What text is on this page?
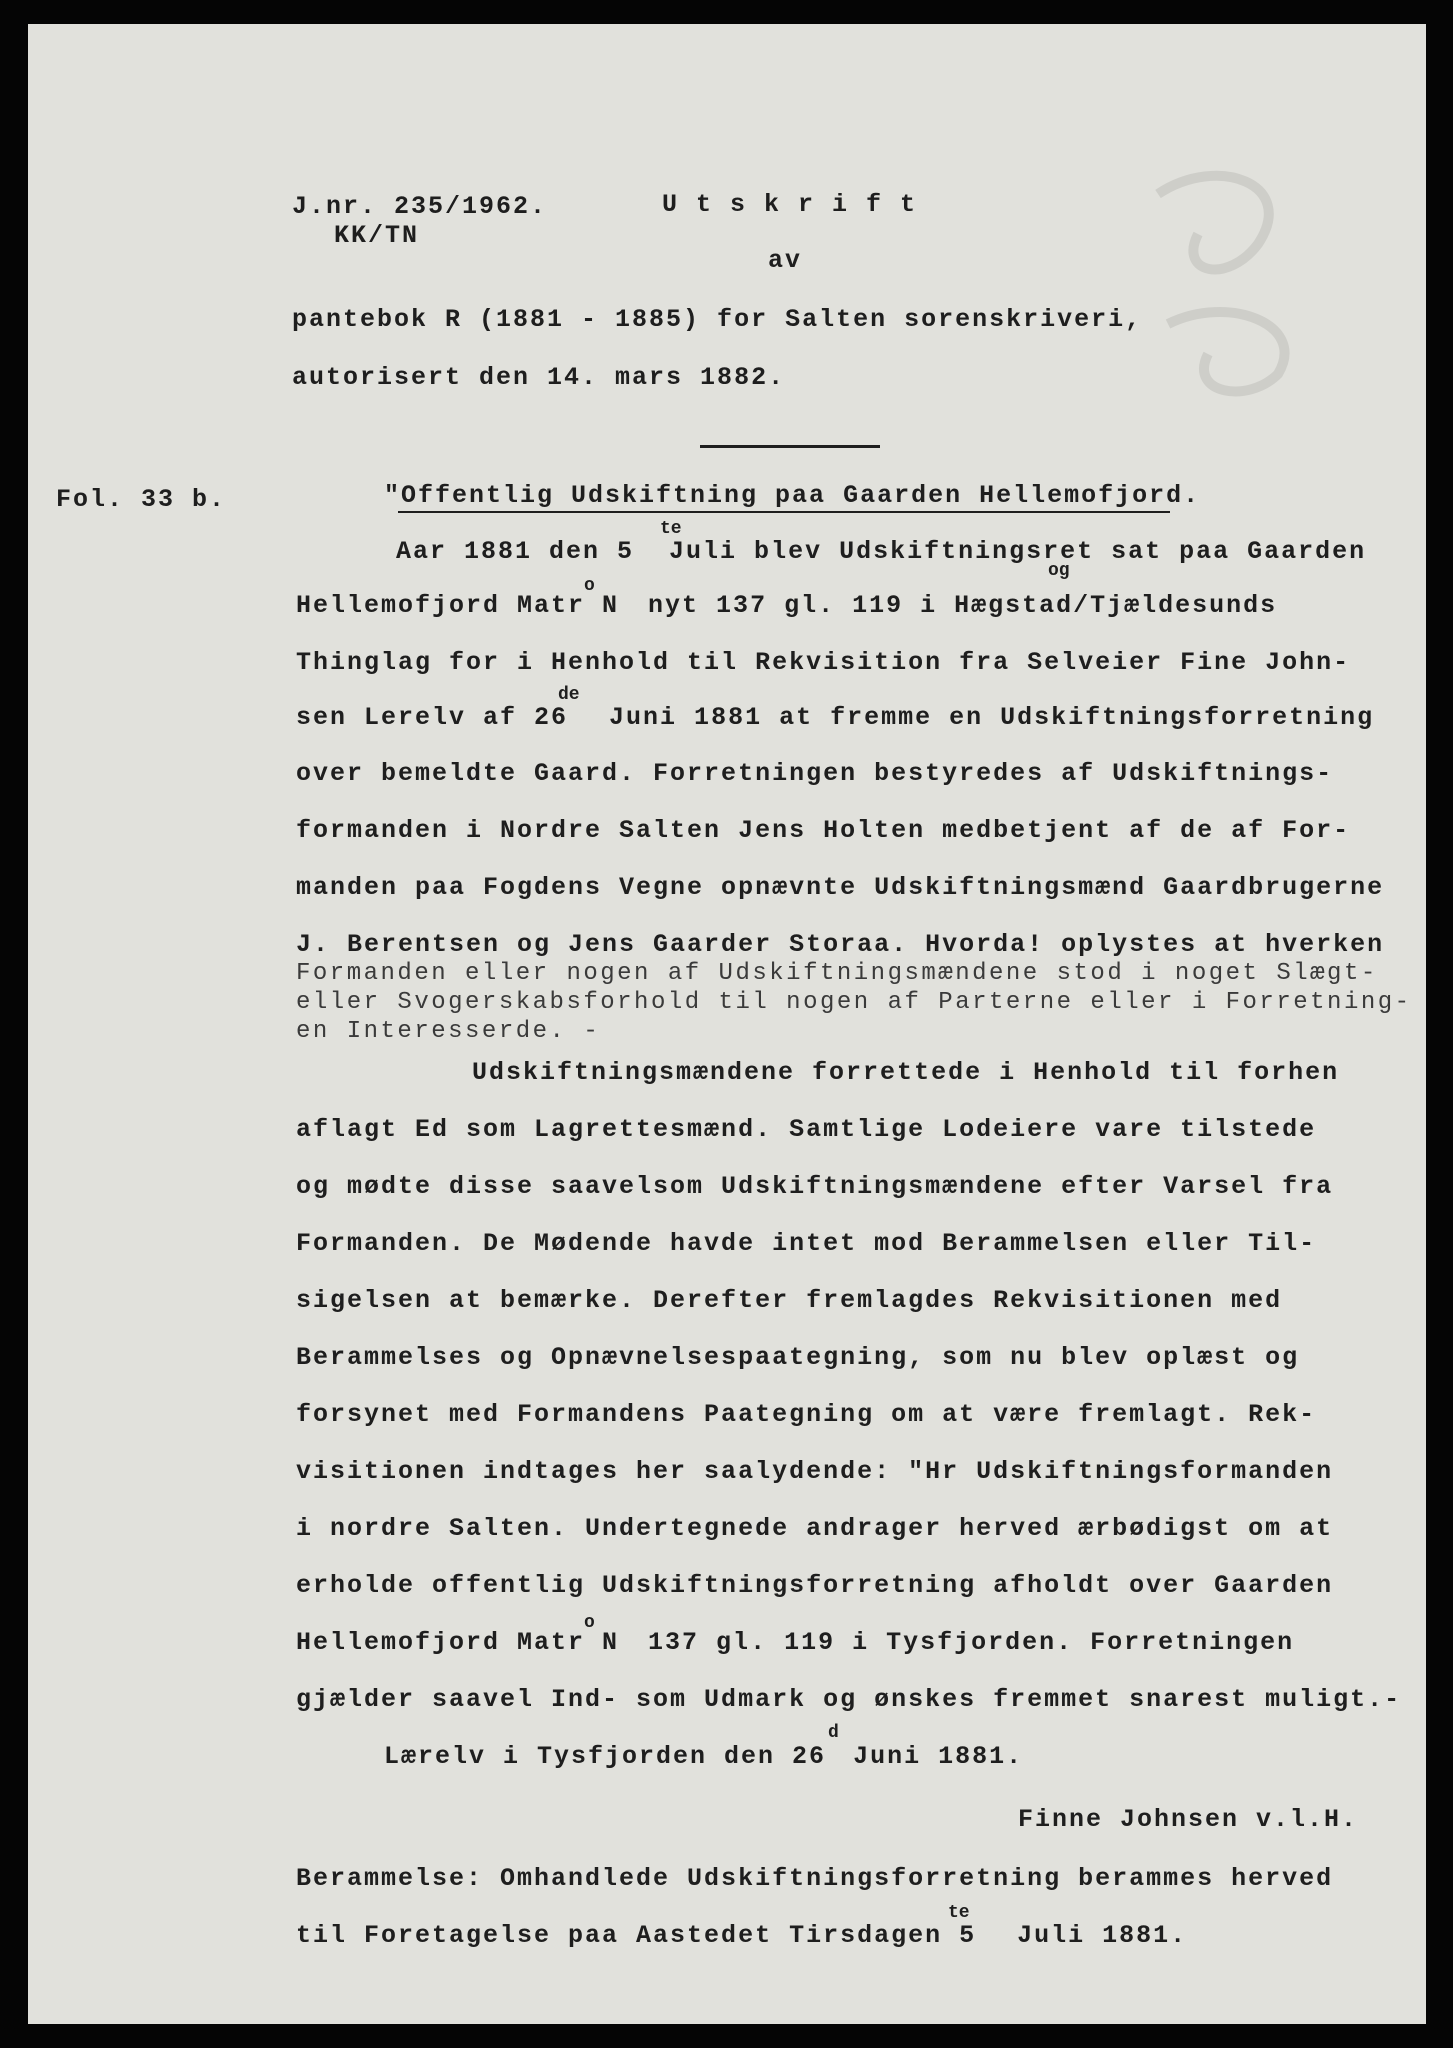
J.nr. 235/1962.
KK/TN
U t s k r i f t
av
pantebok R (1881 - 1885) for Salten sorenskriveri,
autorisert den 14. mars 1882.
Fol. 33 b.	"Offentlig Udskiftning paa Gaarden Hellemofjord.
Aar 1881 den 5 Juli blev Udskiftningsret sat paa Gaarden
te
og
Hellemofjord Matr N nyt 137 gl. 119 i Hægstad/Tjældesunds
o
Thinglag for i Henhold til Rekvisition fra Selveier Fine John-
sen Lerelv af 26 Juni 1881 at fremme en Udskiftningsforretning
de
over bemeldte Gaard. Forretningen bestyredes af Udskiftnings-
formanden i Nordre Salten Jens Holten medbetjent af de af For-
manden paa Fogdens Vegne opnævnte Udskiftningsmænd Gaardbrugerne
J. Berentsen og Jens Gaarder Storaa. Hvorda! oplystes at hverken
Formanden eller nogen af Udskiftningsmændene stod i noget Slægt-
eller Svogerskabsforhold til nogen af Parterne eller i Forretning-
en Interesserde. -
Udskiftningsmændene forrettede i Henhold til forhen
aflagt Ed som Lagrettesmænd. Samtlige Lodeiere vare tilstede
og mødte disse saavelsom Udskiftningsmændene efter Varsel fra
Formanden. De Mødende havde intet mod Berammelsen eller Til-
sigelsen at bemærke. Derefter fremlagdes Rekvisitionen med
Berammelses og Opnævnelsespaategning, som nu blev oplæst og
forsynet med Formandens Paategning om at være fremlagt. Rek-
visitionen indtages her saalydende: "Hr Udskiftningsformanden
i nordre Salten. Undertegnede andrager herved ærbødigst om at
erholde offentlig Udskiftningsforretning afholdt over Gaarden
Hellemofjord Matr N 137 gl. 119 i Tysfjorden. Forretningen
o
gjælder saavel Ind- som Udmark og ønskes fremmet snarest muligt.-
Lærelv i Tysfjorden den 26 Juni 1881.
d
Finne Johnsen v.l.H.
Berammelse: Omhandlede Udskiftningsforretning berammes herved
til Foretagelse paa Aastedet Tirsdagen 5 Juli 1881.
te
